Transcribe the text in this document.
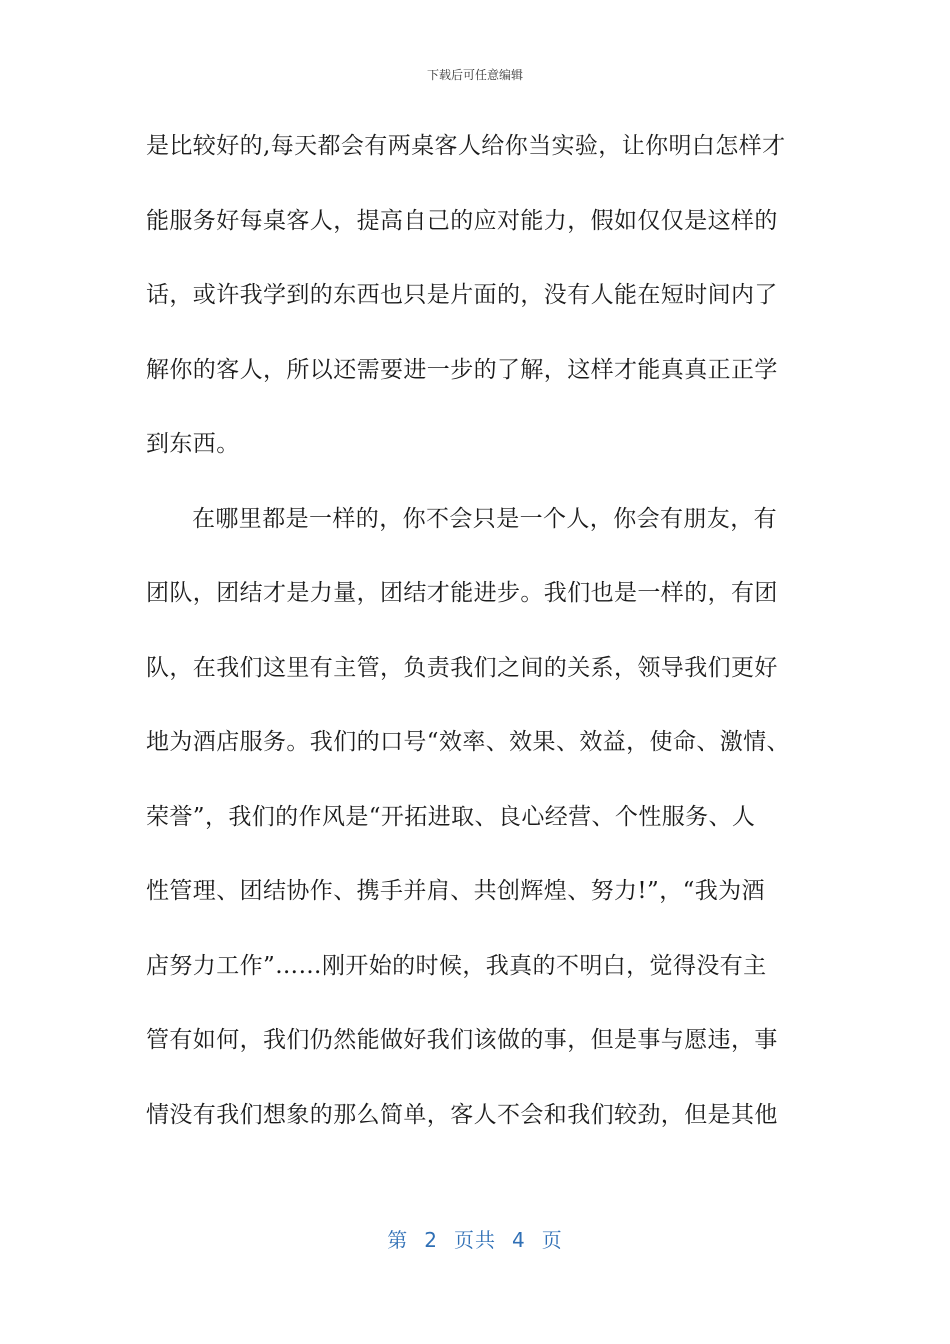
下载后可任意编辑
是比较好的,每天都会有两桌客人给你当实验，让你明白怎样才
能服务好每桌客人，提高自己的应对能力，假如仅仅是这样的
话，或许我学到的东西也只是片面的，没有人能在短时间内了
解你的客人，所以还需要进一步的了解，这样才能真真正正学
到东西。
在哪里都是一样的，你不会只是一个人，你会有朋友，有
团队，团结才是力量，团结才能进步。我们也是一样的，有团
队，在我们这里有主管，负责我们之间的关系，领导我们更好
地为酒店服务。我们的口号“效率、效果、效益，使命、激情、
荣誉”，我们的作风是“开拓进取、良心经营、个性服务、人
性管理、团结协作、携手并肩、共创辉煌、努力!”，“我为酒
店努力工作”……刚开始的时候，我真的不明白，觉得没有主
管有如何，我们仍然能做好我们该做的事，但是事与愿违，事
情没有我们想象的那么简单，客人不会和我们较劲，但是其他
第 2 页共 4 页
